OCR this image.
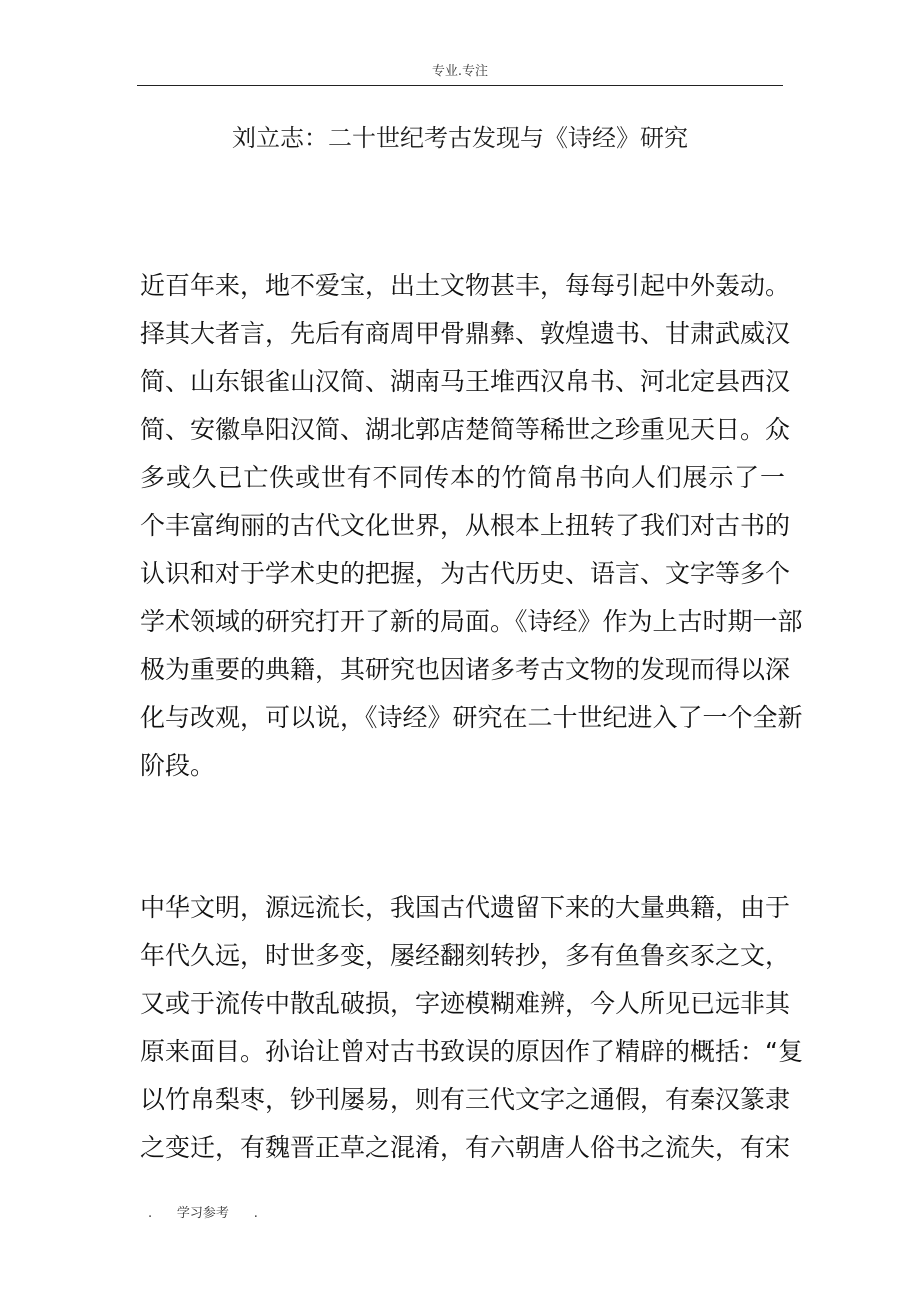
专业.专注
刘立志：二十世纪考古发现与《诗经》研究
近百年来，地不爱宝，出土文物甚丰，每每引起中外轰动。
择其大者言，先后有商周甲骨鼎彝、敦煌遗书、甘肃武威汉
简、山东银雀山汉简、湖南马王堆西汉帛书、河北定县西汉
简、安徽阜阳汉简、湖北郭店楚简等稀世之珍重见天日。众
多或久已亡佚或世有不同传本的竹简帛书向人们展示了一
个丰富绚丽的古代文化世界，从根本上扭转了我们对古书的
认识和对于学术史的把握，为古代历史、语言、文字等多个
学术领域的研究打开了新的局面。《诗经》作为上古时期一部
极为重要的典籍，其研究也因诸多考古文物的发现而得以深
化与改观，可以说，《诗经》研究在二十世纪进入了一个全新
阶段。
中华文明，源远流长，我国古代遗留下来的大量典籍，由于
年代久远，时世多变，屡经翻刻转抄，多有鱼鲁亥豕之文，
又或于流传中散乱破损，字迹模糊难辨，今人所见已远非其
原来面目。孙诒让曾对古书致误的原因作了精辟的概括：“复
以竹帛梨枣，钞刊屡易，则有三代文字之通假，有秦汉篆隶
之变迁，有魏晋正草之混淆，有六朝唐人俗书之流失，有宋
.      学习参考      .
